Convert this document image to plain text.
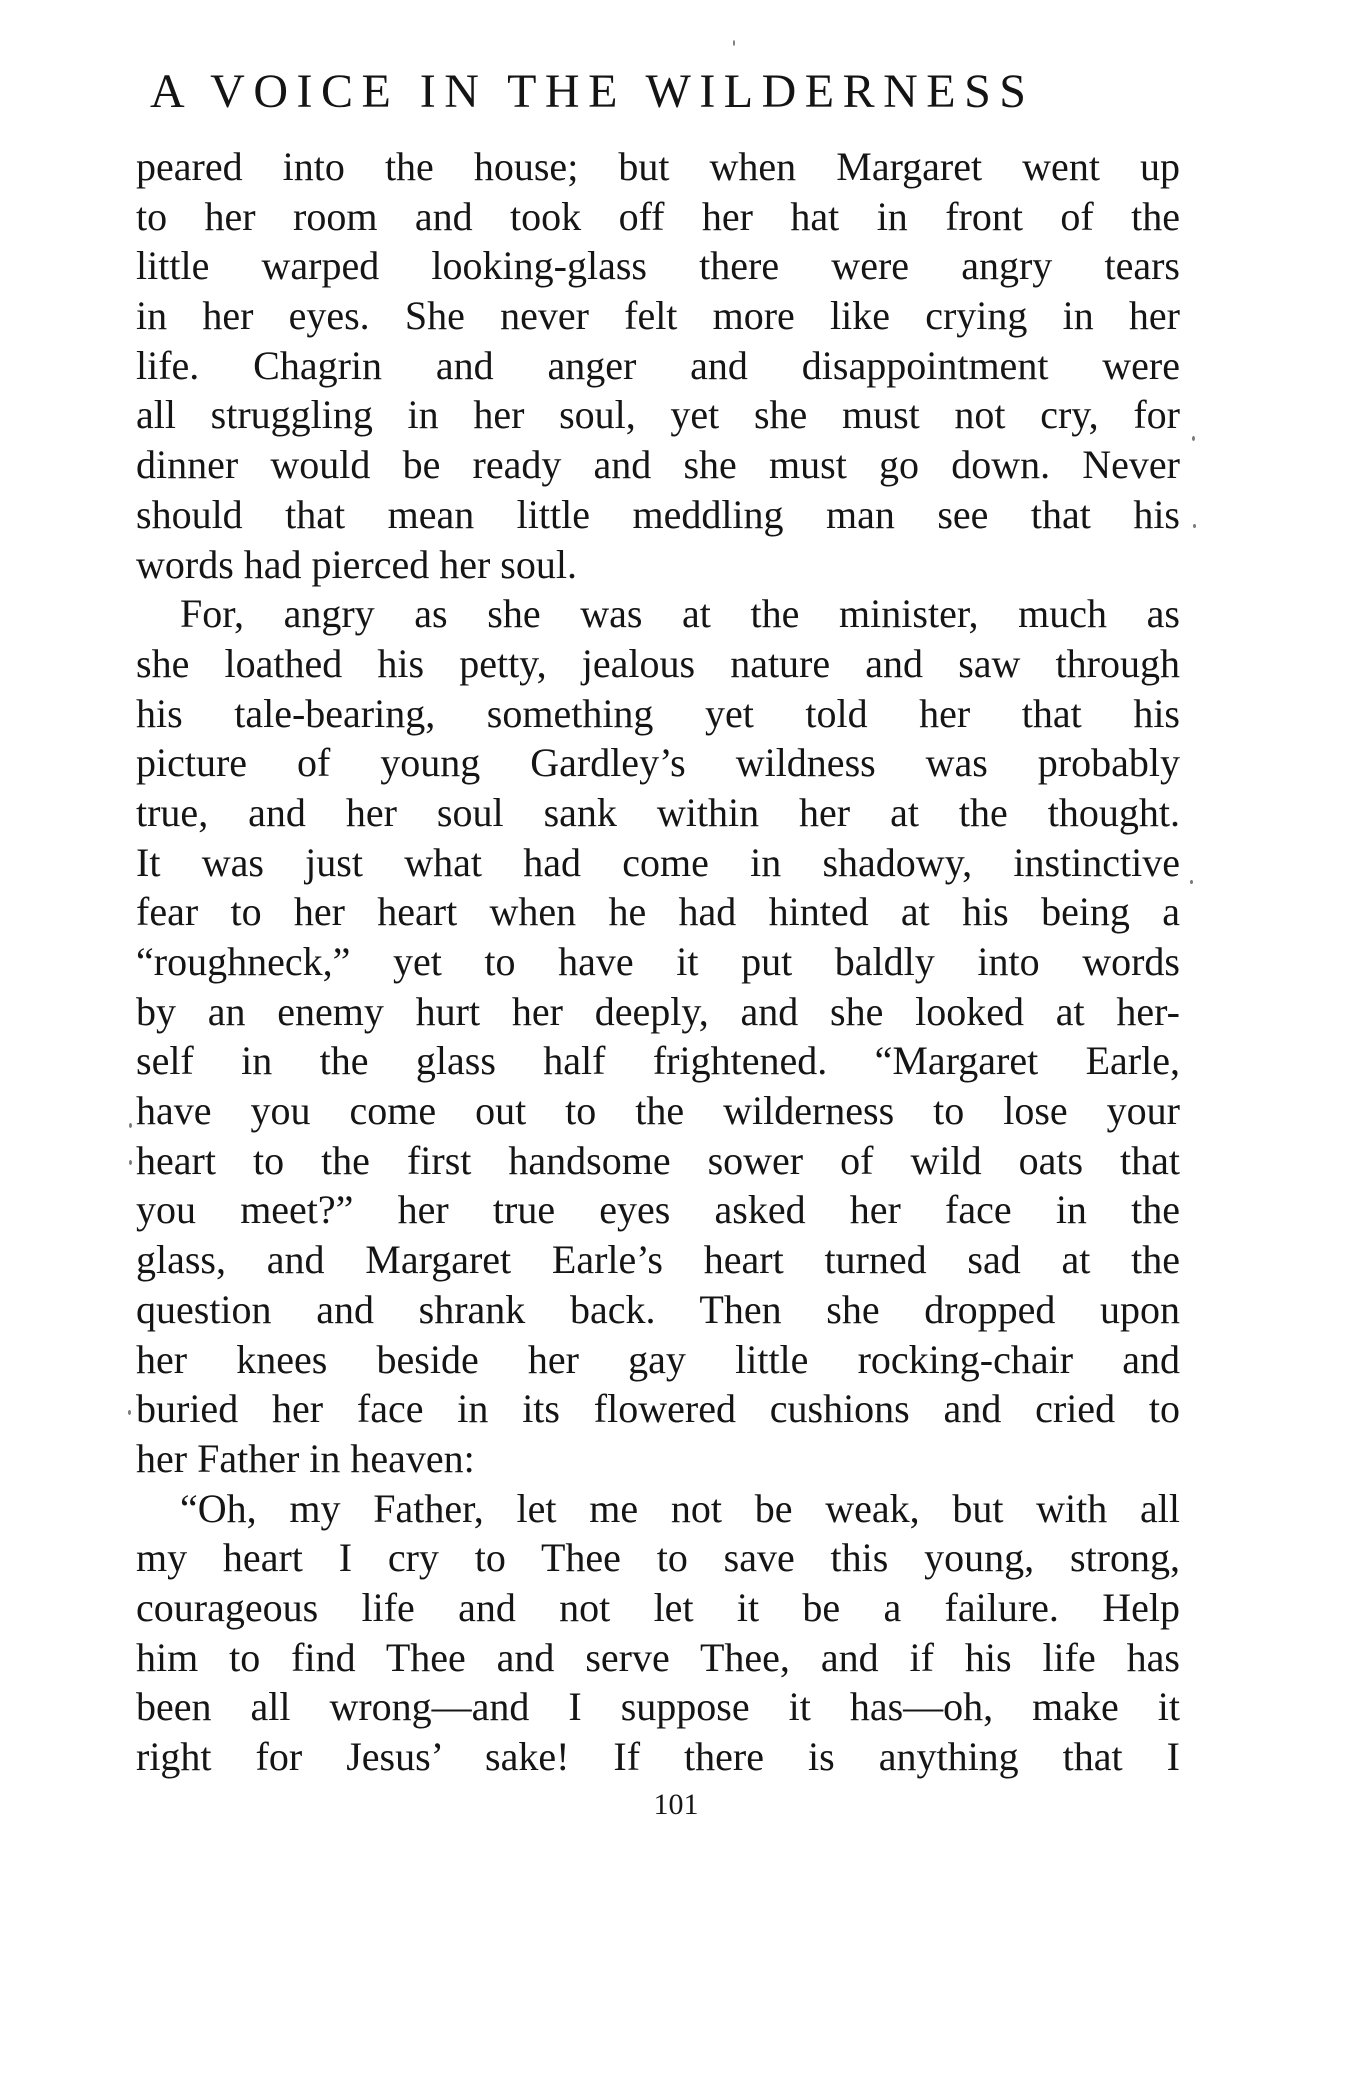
A VOICE IN THE WILDERNESS
peared into the house; but when Margaret went up
to her room and took off her hat in front of the
little warped looking-glass there were angry tears
in her eyes. She never felt more like crying in her
life. Chagrin and anger and disappointment were
all struggling in her soul, yet she must not cry, for
dinner would be ready and she must go down. Never
should that mean little meddling man see that his
words had pierced her soul.
For, angry as she was at the minister, much as
she loathed his petty, jealous nature and saw through
his tale-bearing, something yet told her that his
picture of young Gardley’s wildness was probably
true, and her soul sank within her at the thought.
It was just what had come in shadowy, instinctive
fear to her heart when he had hinted at his being a
“roughneck,” yet to have it put baldly into words
by an enemy hurt her deeply, and she looked at her-
self in the glass half frightened. “Margaret Earle,
have you come out to the wilderness to lose your
heart to the first handsome sower of wild oats that
you meet?” her true eyes asked her face in the
glass, and Margaret Earle’s heart turned sad at the
question and shrank back. Then she dropped upon
her knees beside her gay little rocking-chair and
buried her face in its flowered cushions and cried to
her Father in heaven:
“Oh, my Father, let me not be weak, but with all
my heart I cry to Thee to save this young, strong,
courageous life and not let it be a failure. Help
him to find Thee and serve Thee, and if his life has
been all wrong—and I suppose it has—oh, make it
right for Jesus’ sake! If there is anything that I
101
